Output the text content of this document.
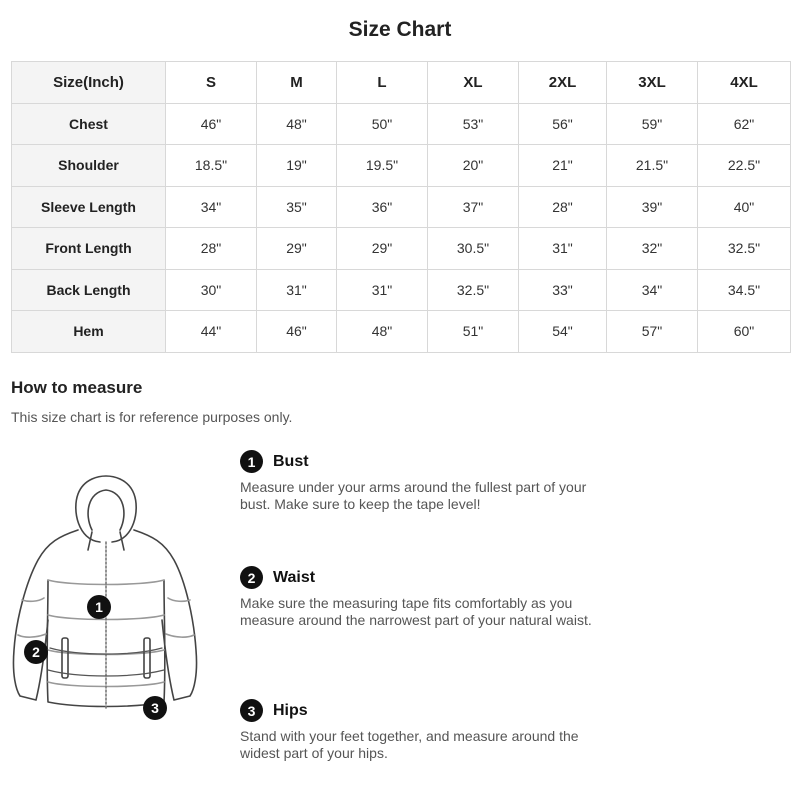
Size Chart
Size(Inch)	S	M	L	XL	2XL	3XL	4XL
Chest	46"	48"	50"	53"	56"	59"	62"
Shoulder	18.5"	19"	19.5"	20"	21"	21.5"	22.5"
Sleeve Length	34"	35"	36"	37"	28"	39"	40"
Front Length	28"	29"	29"	30.5"	31"	32"	32.5"
Back Length	30"	31"	31"	32.5"	33"	34"	34.5"
Hem	44"	46"	48"	51"	54"	57"	60"
How to measure
This size chart is for reference purposes only.
1
2
3
1	Bust
Measure under your arms around the fullest part of your bust. Make sure to keep the tape level!
2	Waist
Make sure the measuring tape fits comfortably as you measure around the narrowest part of your natural waist.
3	Hips
Stand with your feet together, and measure around the widest part of your hips.
